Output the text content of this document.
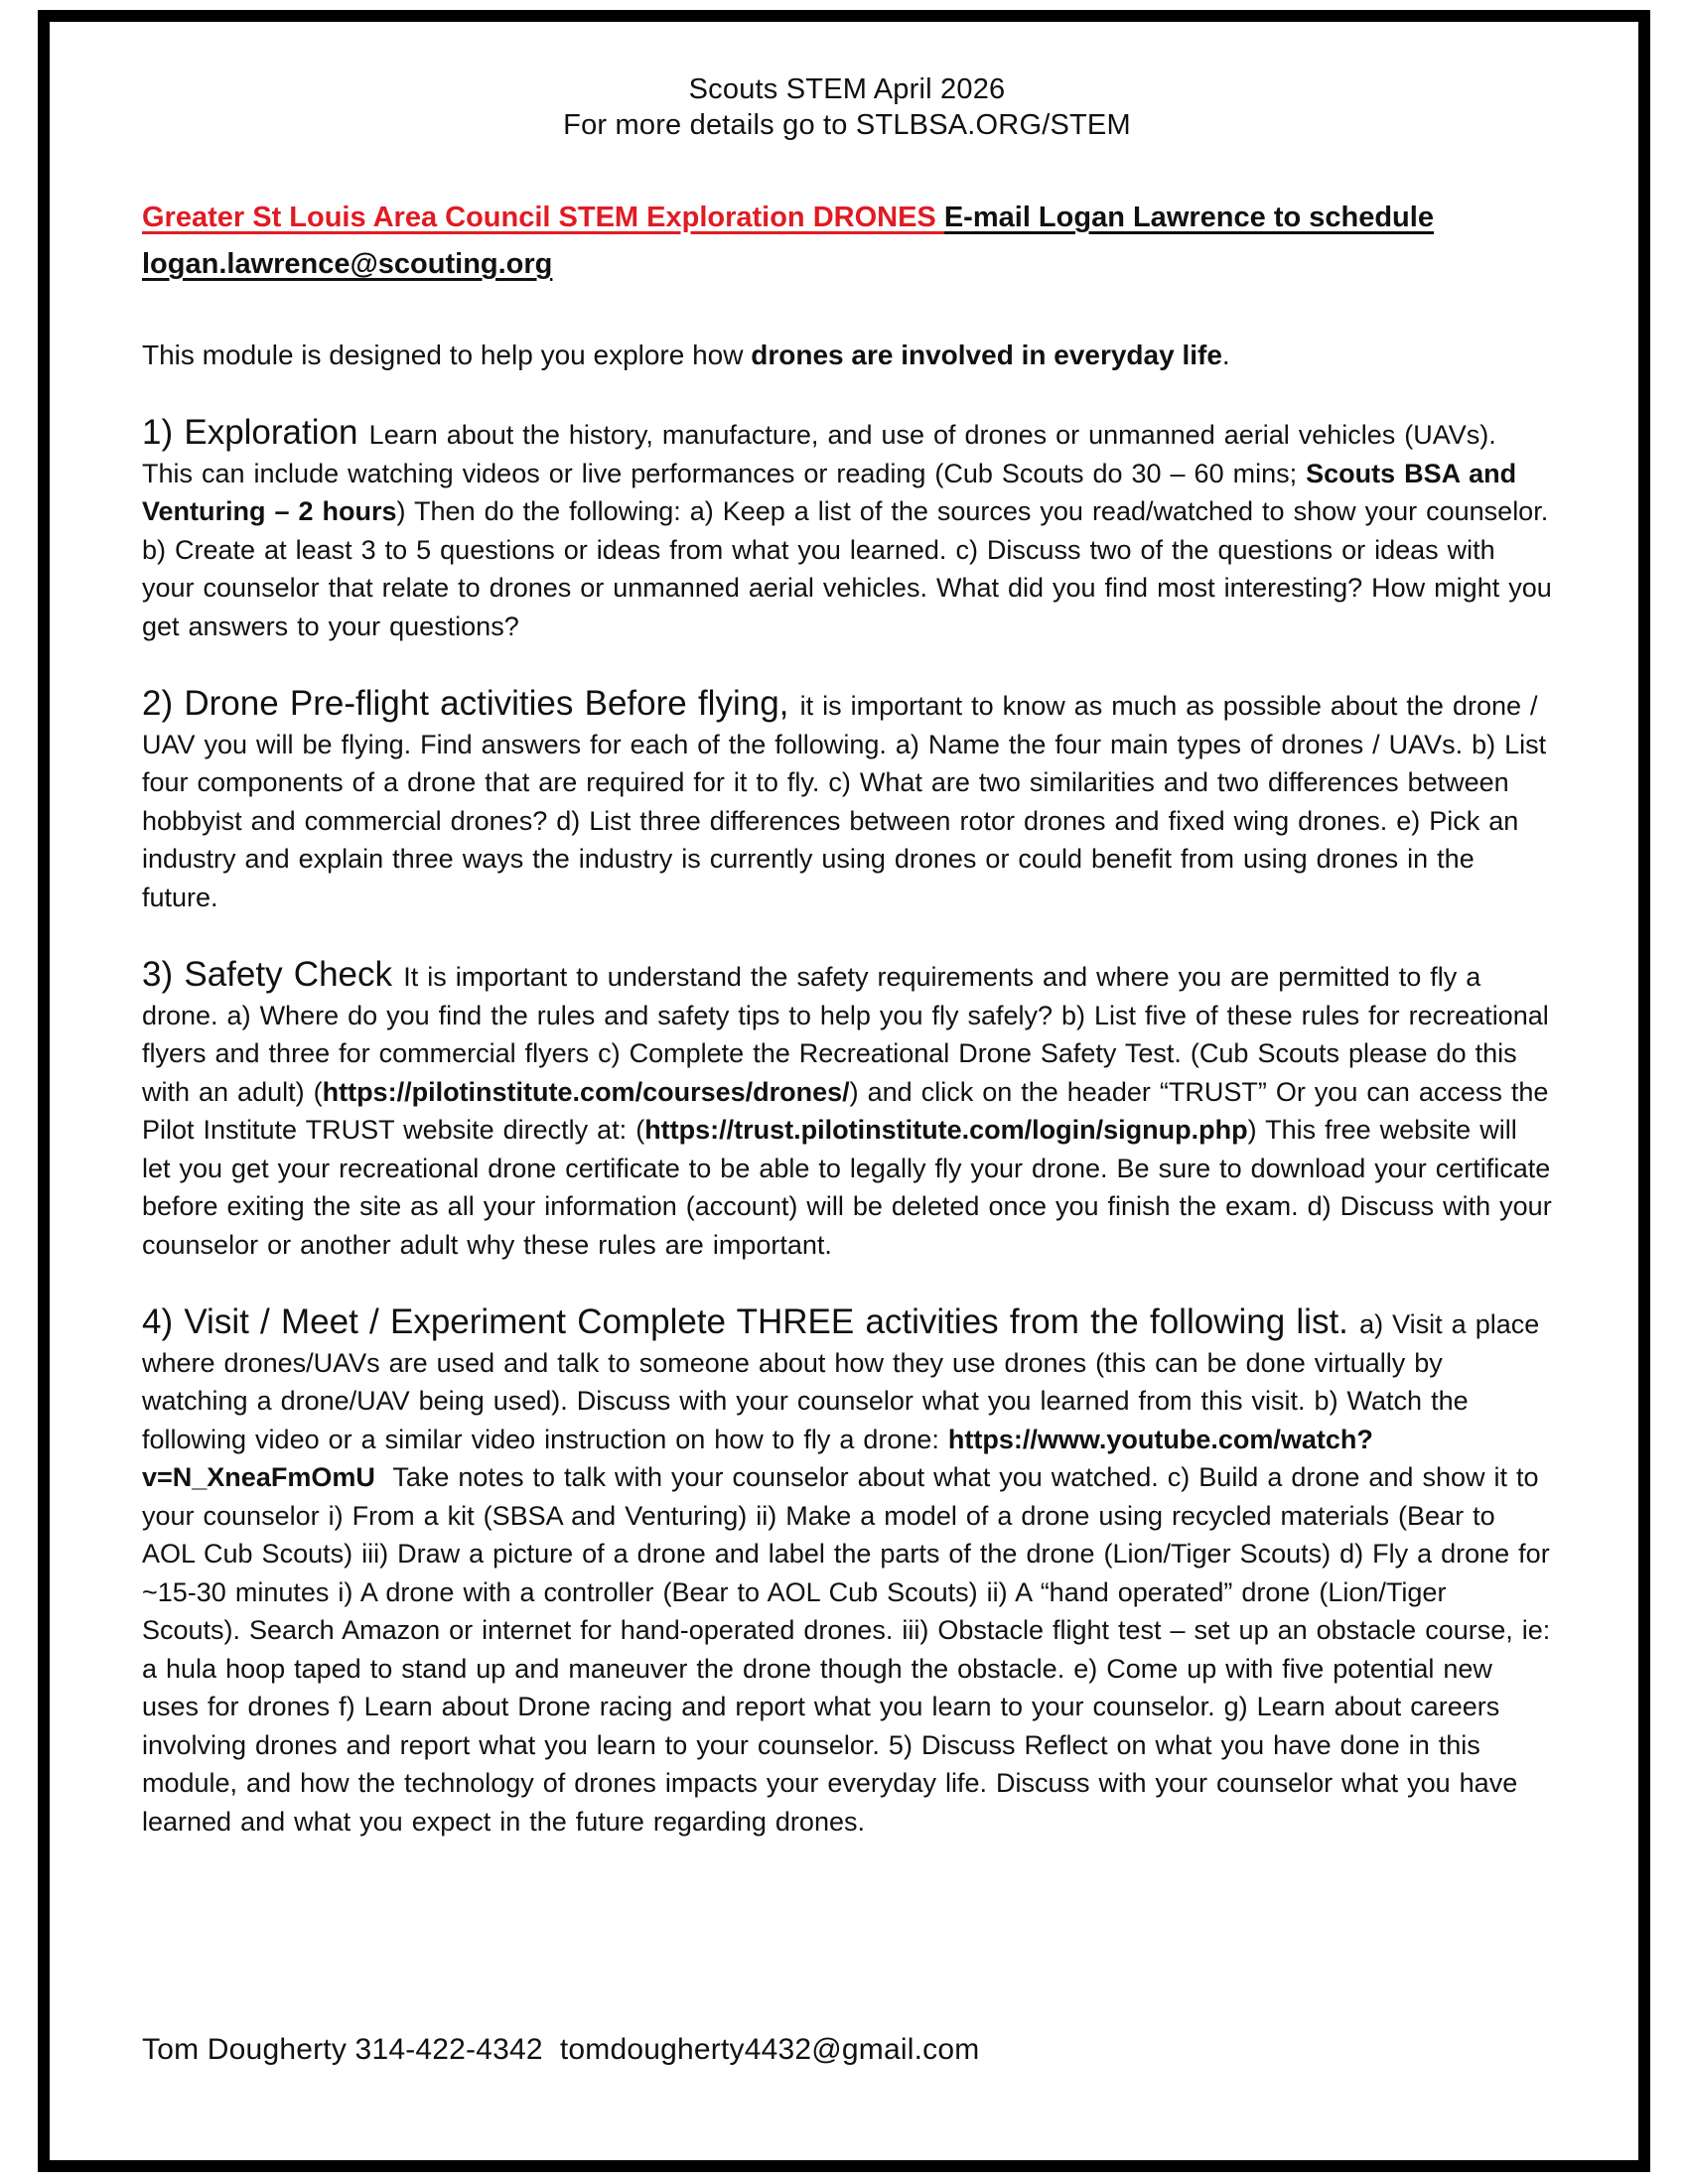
Scouts STEM April 2026
For more details go to STLBSA.ORG/STEM

Greater St Louis Area Council STEM Exploration DRONES E-mail Logan Lawrence to schedule logan.lawrence@scouting.org

This module is designed to help you explore how drones are involved in everyday life.

1) Exploration Learn about the history, manufacture, and use of drones or unmanned aerial vehicles (UAVs). This can include watching videos or live performances or reading (Cub Scouts do 30 – 60 mins; Scouts BSA and Venturing – 2 hours) Then do the following: a) Keep a list of the sources you read/watched to show your counselor. b) Create at least 3 to 5 questions or ideas from what you learned. c) Discuss two of the questions or ideas with your counselor that relate to drones or unmanned aerial vehicles. What did you find most interesting? How might you get answers to your questions?

2) Drone Pre-flight activities Before flying, it is important to know as much as possible about the drone / UAV you will be flying. Find answers for each of the following. a) Name the four main types of drones / UAVs. b) List four components of a drone that are required for it to fly. c) What are two similarities and two differences between hobbyist and commercial drones? d) List three differences between rotor drones and fixed wing drones. e) Pick an industry and explain three ways the industry is currently using drones or could benefit from using drones in the future.

3) Safety Check It is important to understand the safety requirements and where you are permitted to fly a drone. a) Where do you find the rules and safety tips to help you fly safely? b) List five of these rules for recreational flyers and three for commercial flyers c) Complete the Recreational Drone Safety Test. (Cub Scouts please do this with an adult) (https://pilotinstitute.com/courses/drones/) and click on the header “TRUST” Or you can access the Pilot Institute TRUST website directly at: (https://trust.pilotinstitute.com/login/signup.php) This free website will let you get your recreational drone certificate to be able to legally fly your drone. Be sure to download your certificate before exiting the site as all your information (account) will be deleted once you finish the exam. d) Discuss with your counselor or another adult why these rules are important.

4) Visit / Meet / Experiment Complete THREE activities from the following list. a) Visit a place where drones/UAVs are used and talk to someone about how they use drones (this can be done virtually by watching a drone/UAV being used). Discuss with your counselor what you learned from this visit. b) Watch the following video or a similar video instruction on how to fly a drone: https://www.youtube.com/watch?v=N_XneaFmOmU  Take notes to talk with your counselor about what you watched. c) Build a drone and show it to your counselor i) From a kit (SBSA and Venturing) ii) Make a model of a drone using recycled materials (Bear to AOL Cub Scouts) iii) Draw a picture of a drone and label the parts of the drone (Lion/Tiger Scouts) d) Fly a drone for ~15-30 minutes i) A drone with a controller (Bear to AOL Cub Scouts) ii) A “hand operated” drone (Lion/Tiger Scouts). Search Amazon or internet for hand-operated drones. iii) Obstacle flight test – set up an obstacle course, ie: a hula hoop taped to stand up and maneuver the drone though the obstacle. e) Come up with five potential new uses for drones f) Learn about Drone racing and report what you learn to your counselor. g) Learn about careers involving drones and report what you learn to your counselor. 5) Discuss Reflect on what you have done in this module, and how the technology of drones impacts your everyday life. Discuss with your counselor what you have learned and what you expect in the future regarding drones.

Tom Dougherty 314-422-4342  tomdougherty4432@gmail.com
